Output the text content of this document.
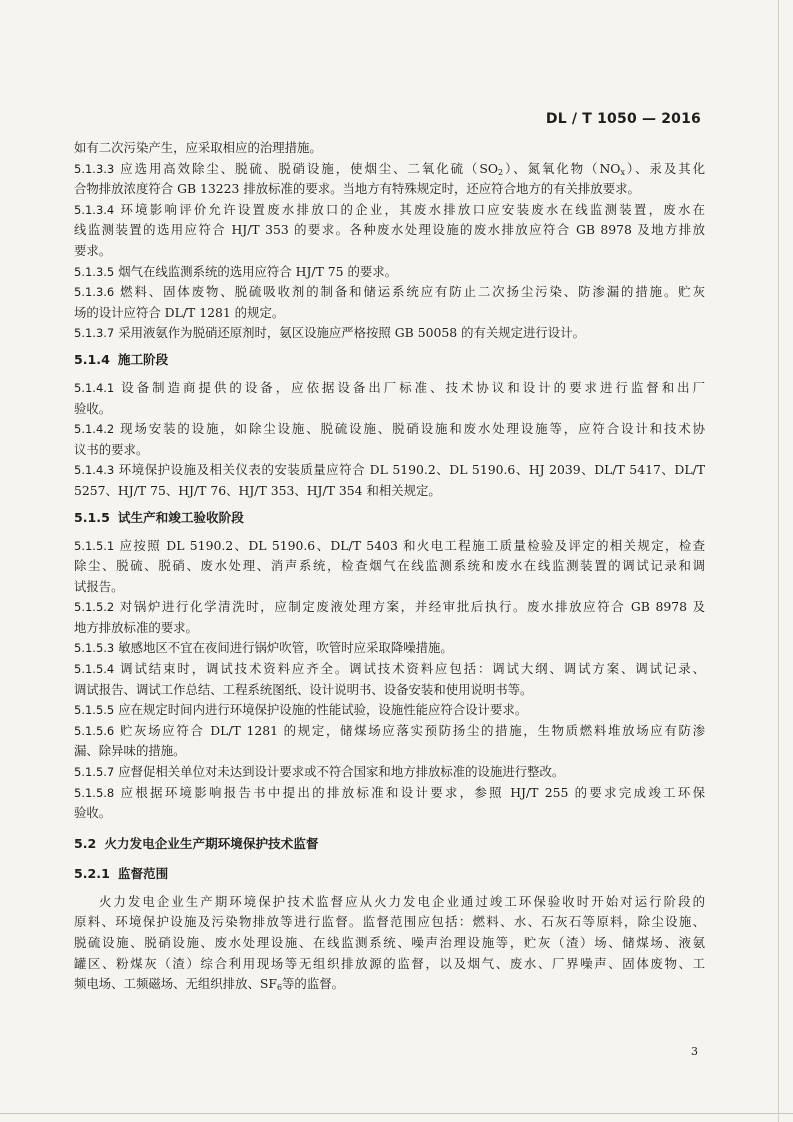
DL / T 1050 — 2016

如有二次污染产生，应采取相应的治理措施。

5.1.3.3 应选用高效除尘、脱硫、脱硝设施，使烟尘、二氧化硫$(SO_2)$、氮氧化物$(NO_x)$、汞及其化

合物排放浓度符合 GB 13223 排放标准的要求。当地方有特殊规定时，还应符合地方的有关排放要求。

5.1.3.4 环境影响评价允许设置废水排放口的企业，其废水排放口应安装废水在线监测装置，废水在

线监测装置的选用应符合 HJ/T 353 的要求。各种废水处理设施的废水排放应符合 GB 8978 及地方排放

要求。

5.1.3.5 烟气在线监测系统的选用应符合 HJ/T 75 的要求。

5.1.3.6 燃料、固体废物、脱硫吸收剂的制备和储运系统应有防止二次扬尘污染、防渗漏的措施。贮灰

场的设计应符合 DL/T 1281 的规定。

5.1.3.7 采用液氨作为脱硝还原剂时，氨区设施应严格按照 GB 50058 的有关规定进行设计。

5.1.4 施工阶段

5.1.4.1 设备制造商提供的设备，应依据设备出厂标准、技术协议和设计的要求进行监督和出厂

验收。

5.1.4.2 现场安装的设施，如除尘设施、脱硫设施、脱硝设施和废水处理设施等，应符合设计和技术协

议书的要求。

5.1.4.3 环境保护设施及相关仪表的安装质量应符合 DL 5190.2、DL 5190.6、HJ 2039、DL/T 5417、DL/T

5257、HJ/T 75、HJ/T 76、HJ/T 353、HJ/T 354 和相关规定。

5.1.5 试生产和竣工验收阶段

5.1.5.1 应按照 DL 5190.2、DL 5190.6、DL/T 5403 和火电工程施工质量检验及评定的相关规定，检查

除尘、脱硫、脱硝、废水处理、消声系统，检查烟气在线监测系统和废水在线监测装置的调试记录和调

试报告。

5.1.5.2 对锅炉进行化学清洗时，应制定废液处理方案，并经审批后执行。废水排放应符合 GB 8978 及

地方排放标准的要求。

5.1.5.3 敏感地区不宜在夜间进行锅炉吹管，吹管时应采取降噪措施。

5.1.5.4 调试结束时，调试技术资料应齐全。调试技术资料应包括：调试大纲、调试方案、调试记录、

调试报告、调试工作总结、工程系统图纸、设计说明书、设备安装和使用说明书等。

5.1.5.5 应在规定时间内进行环境保护设施的性能试验，设施性能应符合设计要求。

5.1.5.6 贮灰场应符合 DL/T 1281 的规定，储煤场应落实预防扬尘的措施，生物质燃料堆放场应有防渗

漏、除异味的措施。

5.1.5.7 应督促相关单位对未达到设计要求或不符合国家和地方排放标准的设施进行整改。

5.1.5.8 应根据环境影响报告书中提出的排放标准和设计要求，参照 HJ/T 255 的要求完成竣工环保

验收。

5.2 火力发电企业生产期环境保护技术监督

5.2.1 监督范围

火力发电企业生产期环境保护技术监督应从火力发电企业通过竣工环保验收时开始对运行阶段的

原料、环境保护设施及污染物排放等进行监督。监督范围应包括：燃料、水、石灰石等原料，除尘设施、

脱硫设施、脱硝设施、废水处理设施、在线监测系统、噪声治理设施等，贮灰（渣）场、储煤场、液氨

罐区、粉煤灰（渣）综合利用现场等无组织排放源的监督，以及烟气、废水、厂界噪声、固体废物、工

频电场、工频磁场、无组织排放、$SF_6$等的监督。

3
